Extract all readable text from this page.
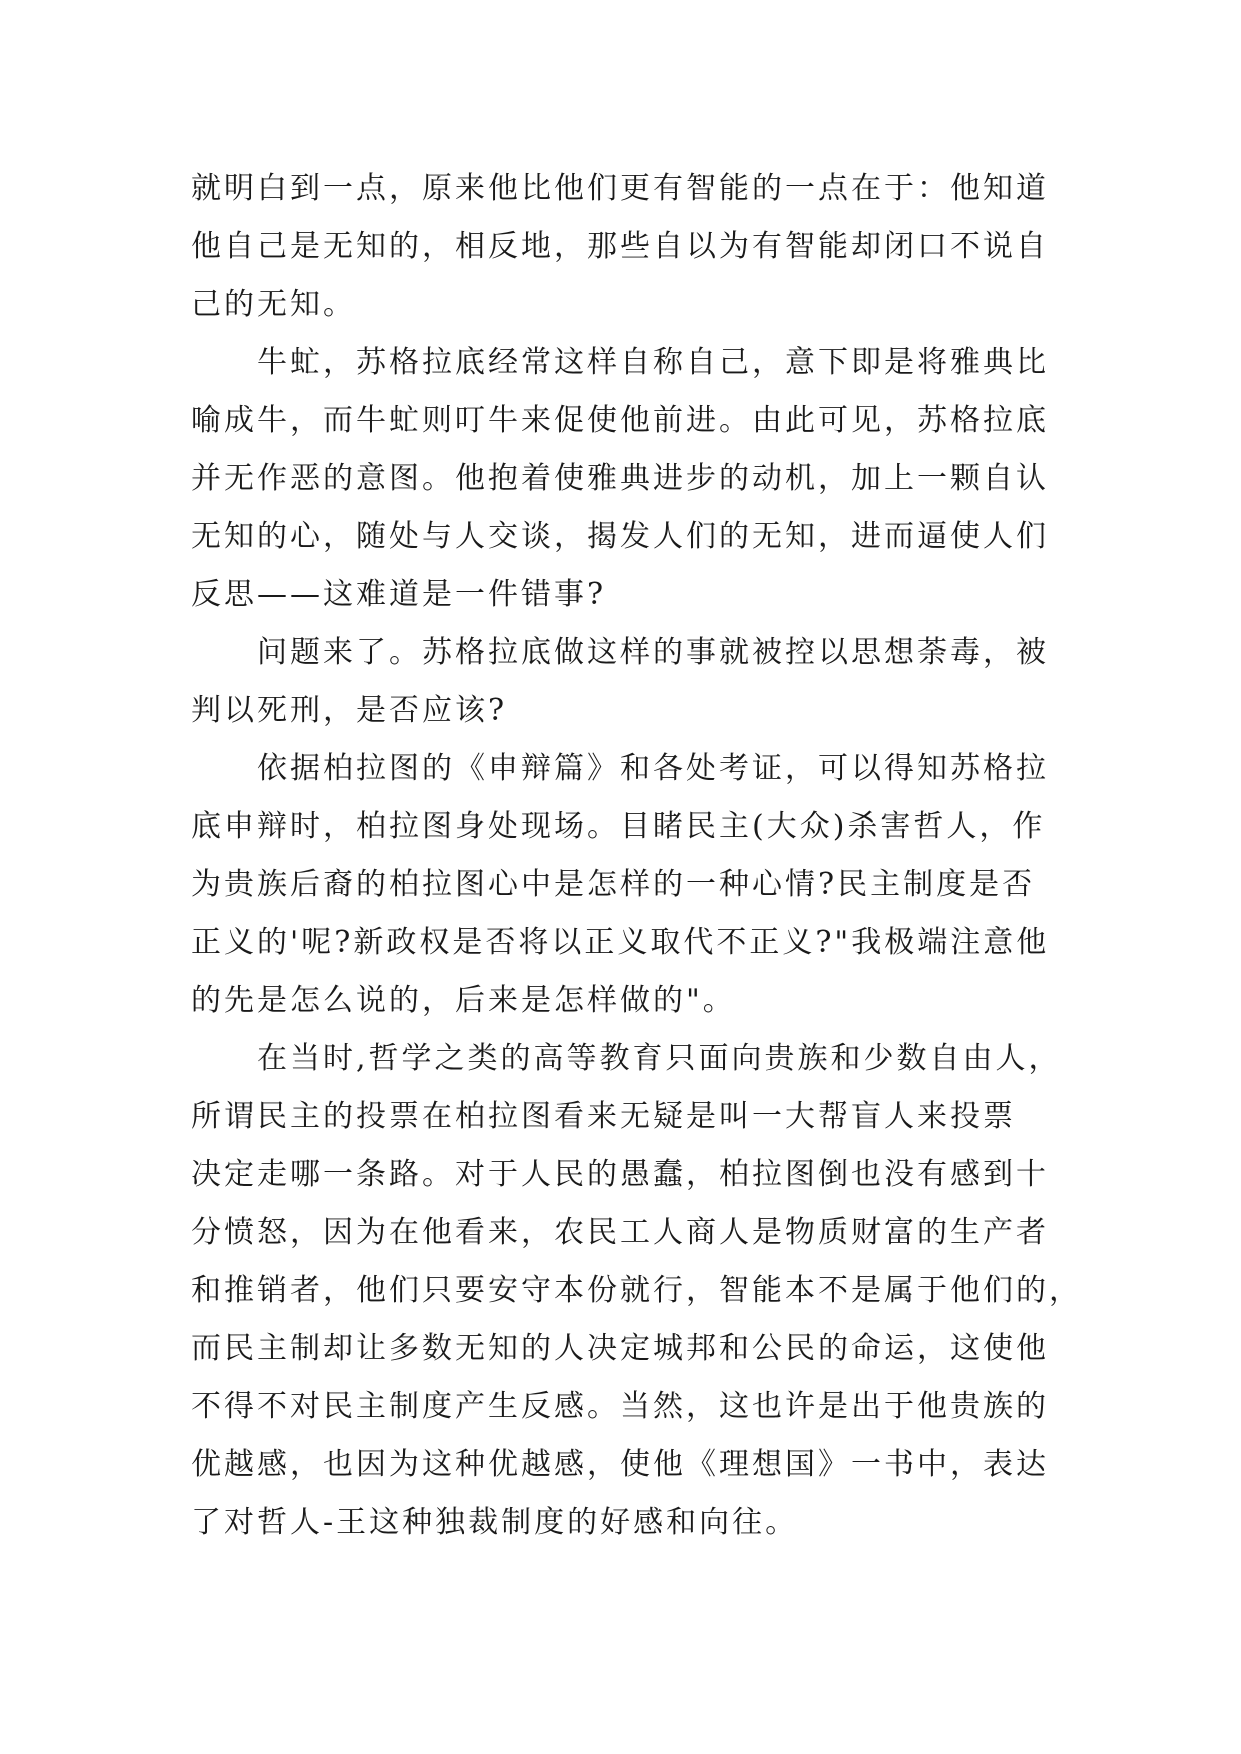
就明白到一点，原来他比他们更有智能的一点在于：他知道
他自己是无知的，相反地，那些自以为有智能却闭口不说自
己的无知。
牛虻，苏格拉底经常这样自称自己，意下即是将雅典比
喻成牛，而牛虻则叮牛来促使他前进。由此可见，苏格拉底
并无作恶的意图。他抱着使雅典进步的动机，加上一颗自认
无知的心，随处与人交谈，揭发人们的无知，进而逼使人们
反思——这难道是一件错事?
问题来了。苏格拉底做这样的事就被控以思想荼毒，被
判以死刑，是否应该?
依据柏拉图的《申辩篇》和各处考证，可以得知苏格拉
底申辩时，柏拉图身处现场。目睹民主(大众)杀害哲人，作
为贵族后裔的柏拉图心中是怎样的一种心情?民主制度是否
正义的'呢?新政权是否将以正义取代不正义?"我极端注意他
的先是怎么说的，后来是怎样做的"。
在当时,哲学之类的高等教育只面向贵族和少数自由人，
所谓民主的投票在柏拉图看来无疑是叫一大帮盲人来投票
决定走哪一条路。对于人民的愚蠢，柏拉图倒也没有感到十
分愤怒，因为在他看来，农民工人商人是物质财富的生产者
和推销者，他们只要安守本份就行，智能本不是属于他们的，
而民主制却让多数无知的人决定城邦和公民的命运，这使他
不得不对民主制度产生反感。当然，这也许是出于他贵族的
优越感，也因为这种优越感，使他《理想国》一书中，表达
了对哲人-王这种独裁制度的好感和向往。
